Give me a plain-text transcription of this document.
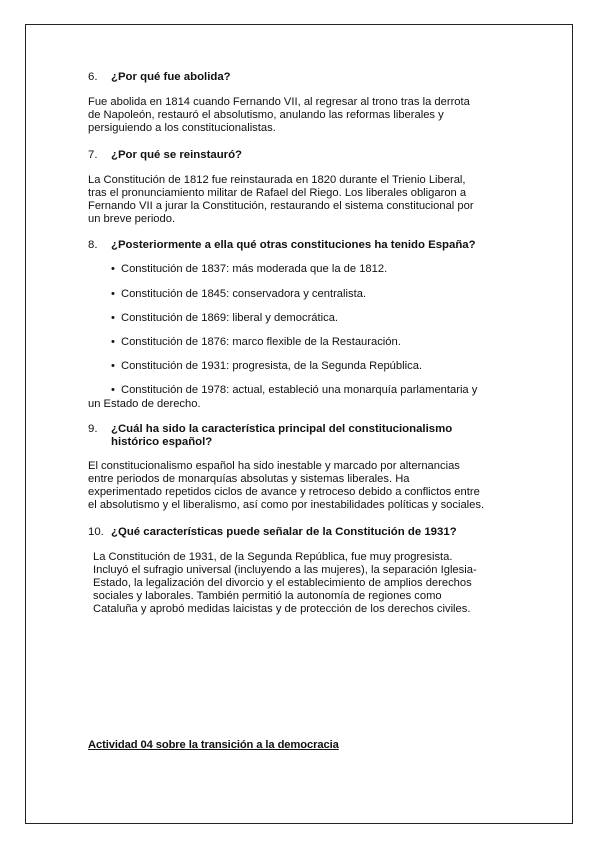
6.	¿Por qué fue abolida?
Fue abolida en 1814 cuando Fernando VII, al regresar al trono tras la derrota
de Napoleón, restauró el absolutismo, anulando las reformas liberales y
persiguiendo a los constitucionalistas.
7.	¿Por qué se reinstauró?
La Constitución de 1812 fue reinstaurada en 1820 durante el Trienio Liberal,
tras el pronunciamiento militar de Rafael del Riego. Los liberales obligaron a
Fernando VII a jurar la Constitución, restaurando el sistema constitucional por
un breve periodo.
8.	¿Posteriormente a ella qué otras constituciones ha tenido España?
• Constitución de 1837: más moderada que la de 1812.
• Constitución de 1845: conservadora y centralista.
• Constitución de 1869: liberal y democrática.
• Constitución de 1876: marco flexible de la Restauración.
• Constitución de 1931: progresista, de la Segunda República.
• Constitución de 1978: actual, estableció una monarquía parlamentaria y
un Estado de derecho.
9.	¿Cuál ha sido la característica principal del constitucionalismo
histórico español?
El constitucionalismo español ha sido inestable y marcado por alternancias
entre periodos de monarquías absolutas y sistemas liberales. Ha
experimentado repetidos ciclos de avance y retroceso debido a conflictos entre
el absolutismo y el liberalismo, así como por inestabilidades políticas y sociales.
10. ¿Qué características puede señalar de la Constitución de 1931?
La Constitución de 1931, de la Segunda República, fue muy progresista.
Incluyó el sufragio universal (incluyendo a las mujeres), la separación Iglesia-
Estado, la legalización del divorcio y el establecimiento de amplios derechos
sociales y laborales. También permitió la autonomía de regiones como
Cataluña y aprobó medidas laicistas y de protección de los derechos civiles.
Actividad 04 sobre la transición a la democracia
